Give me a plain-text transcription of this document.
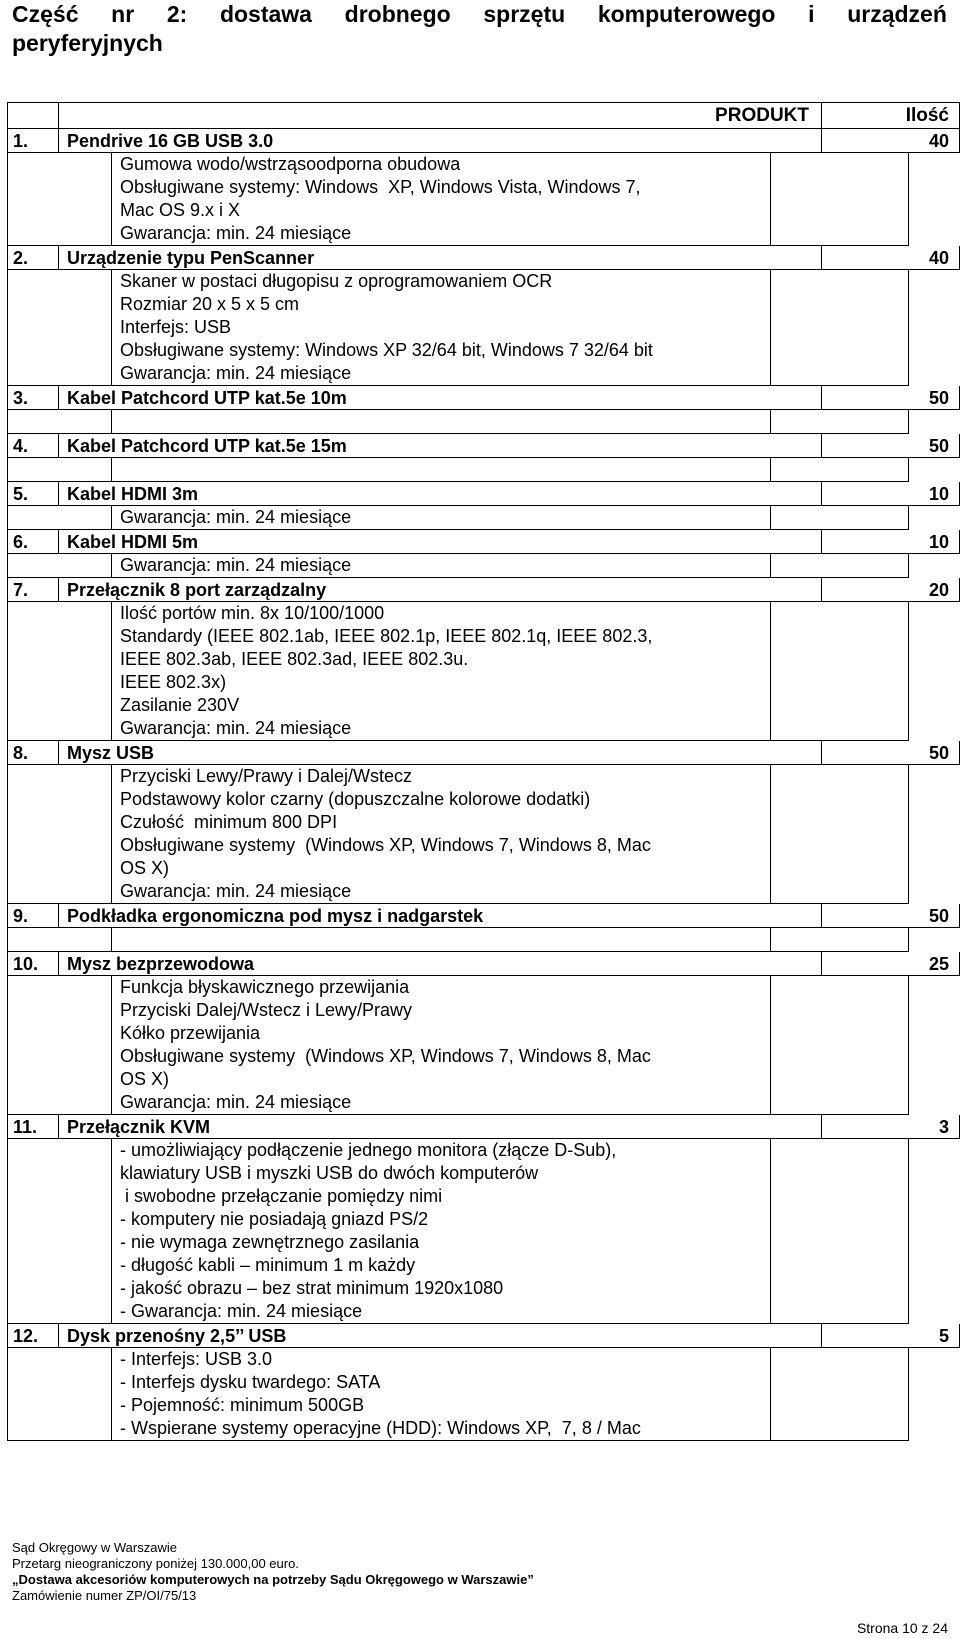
Część nr 2: dostawa drobnego sprzętu komputerowego i urządzeń
peryferyjnych
PRODUKT	Ilość
1.	Pendrive 16 GB USB 3.0	40
Gumowa wodo/wstrząsoodporna obudowa
Obsługiwane systemy: Windows  XP, Windows Vista, Windows 7,
Mac OS 9.x i X
Gwarancja: min. 24 miesiące
2.	Urządzenie typu PenScanner	40
Skaner w postaci długopisu z oprogramowaniem OCR
Rozmiar 20 x 5 x 5 cm
Interfejs: USB
Obsługiwane systemy: Windows XP 32/64 bit, Windows 7 32/64 bit
Gwarancja: min. 24 miesiące
3.	Kabel Patchcord UTP kat.5e 10m	50
4.	Kabel Patchcord UTP kat.5e 15m	50
5.	Kabel HDMI 3m	10
Gwarancja: min. 24 miesiące
6.	Kabel HDMI 5m	10
Gwarancja: min. 24 miesiące
7.	Przełącznik 8 port zarządzalny	20
Ilość portów min. 8x 10/100/1000
Standardy (IEEE 802.1ab, IEEE 802.1p, IEEE 802.1q, IEEE 802.3,
IEEE 802.3ab, IEEE 802.3ad, IEEE 802.3u.
IEEE 802.3x)
Zasilanie 230V
Gwarancja: min. 24 miesiące
8.	Mysz USB	50
Przyciski Lewy/Prawy i Dalej/Wstecz
Podstawowy kolor czarny (dopuszczalne kolorowe dodatki)
Czułość  minimum 800 DPI
Obsługiwane systemy  (Windows XP, Windows 7, Windows 8, Mac
OS X)
Gwarancja: min. 24 miesiące
9.	Podkładka ergonomiczna pod mysz i nadgarstek	50
10.	Mysz bezprzewodowa	25
Funkcja błyskawicznego przewijania
Przyciski Dalej/Wstecz i Lewy/Prawy
Kółko przewijania
Obsługiwane systemy  (Windows XP, Windows 7, Windows 8, Mac
OS X)
Gwarancja: min. 24 miesiące
11.	Przełącznik KVM	3
- umożliwiający podłączenie jednego monitora (złącze D-Sub),
klawiatury USB i myszki USB do dwóch komputerów
i swobodne przełączanie pomiędzy nimi
- komputery nie posiadają gniazd PS/2
- nie wymaga zewnętrznego zasilania
- długość kabli – minimum 1 m każdy
- jakość obrazu – bez strat minimum 1920x1080
- Gwarancja: min. 24 miesiące
12.	Dysk przenośny 2,5’’ USB	5
- Interfejs: USB 3.0
- Interfejs dysku twardego: SATA
- Pojemność: minimum 500GB
- Wspierane systemy operacyjne (HDD): Windows XP,  7, 8 / Mac
Sąd Okręgowy w Warszawie
Przetarg nieograniczony poniżej 130.000,00 euro.
„Dostawa akcesoriów komputerowych na potrzeby Sądu Okręgowego w Warszawie”
Zamówienie numer ZP/OI/75/13
Strona 10 z 24
